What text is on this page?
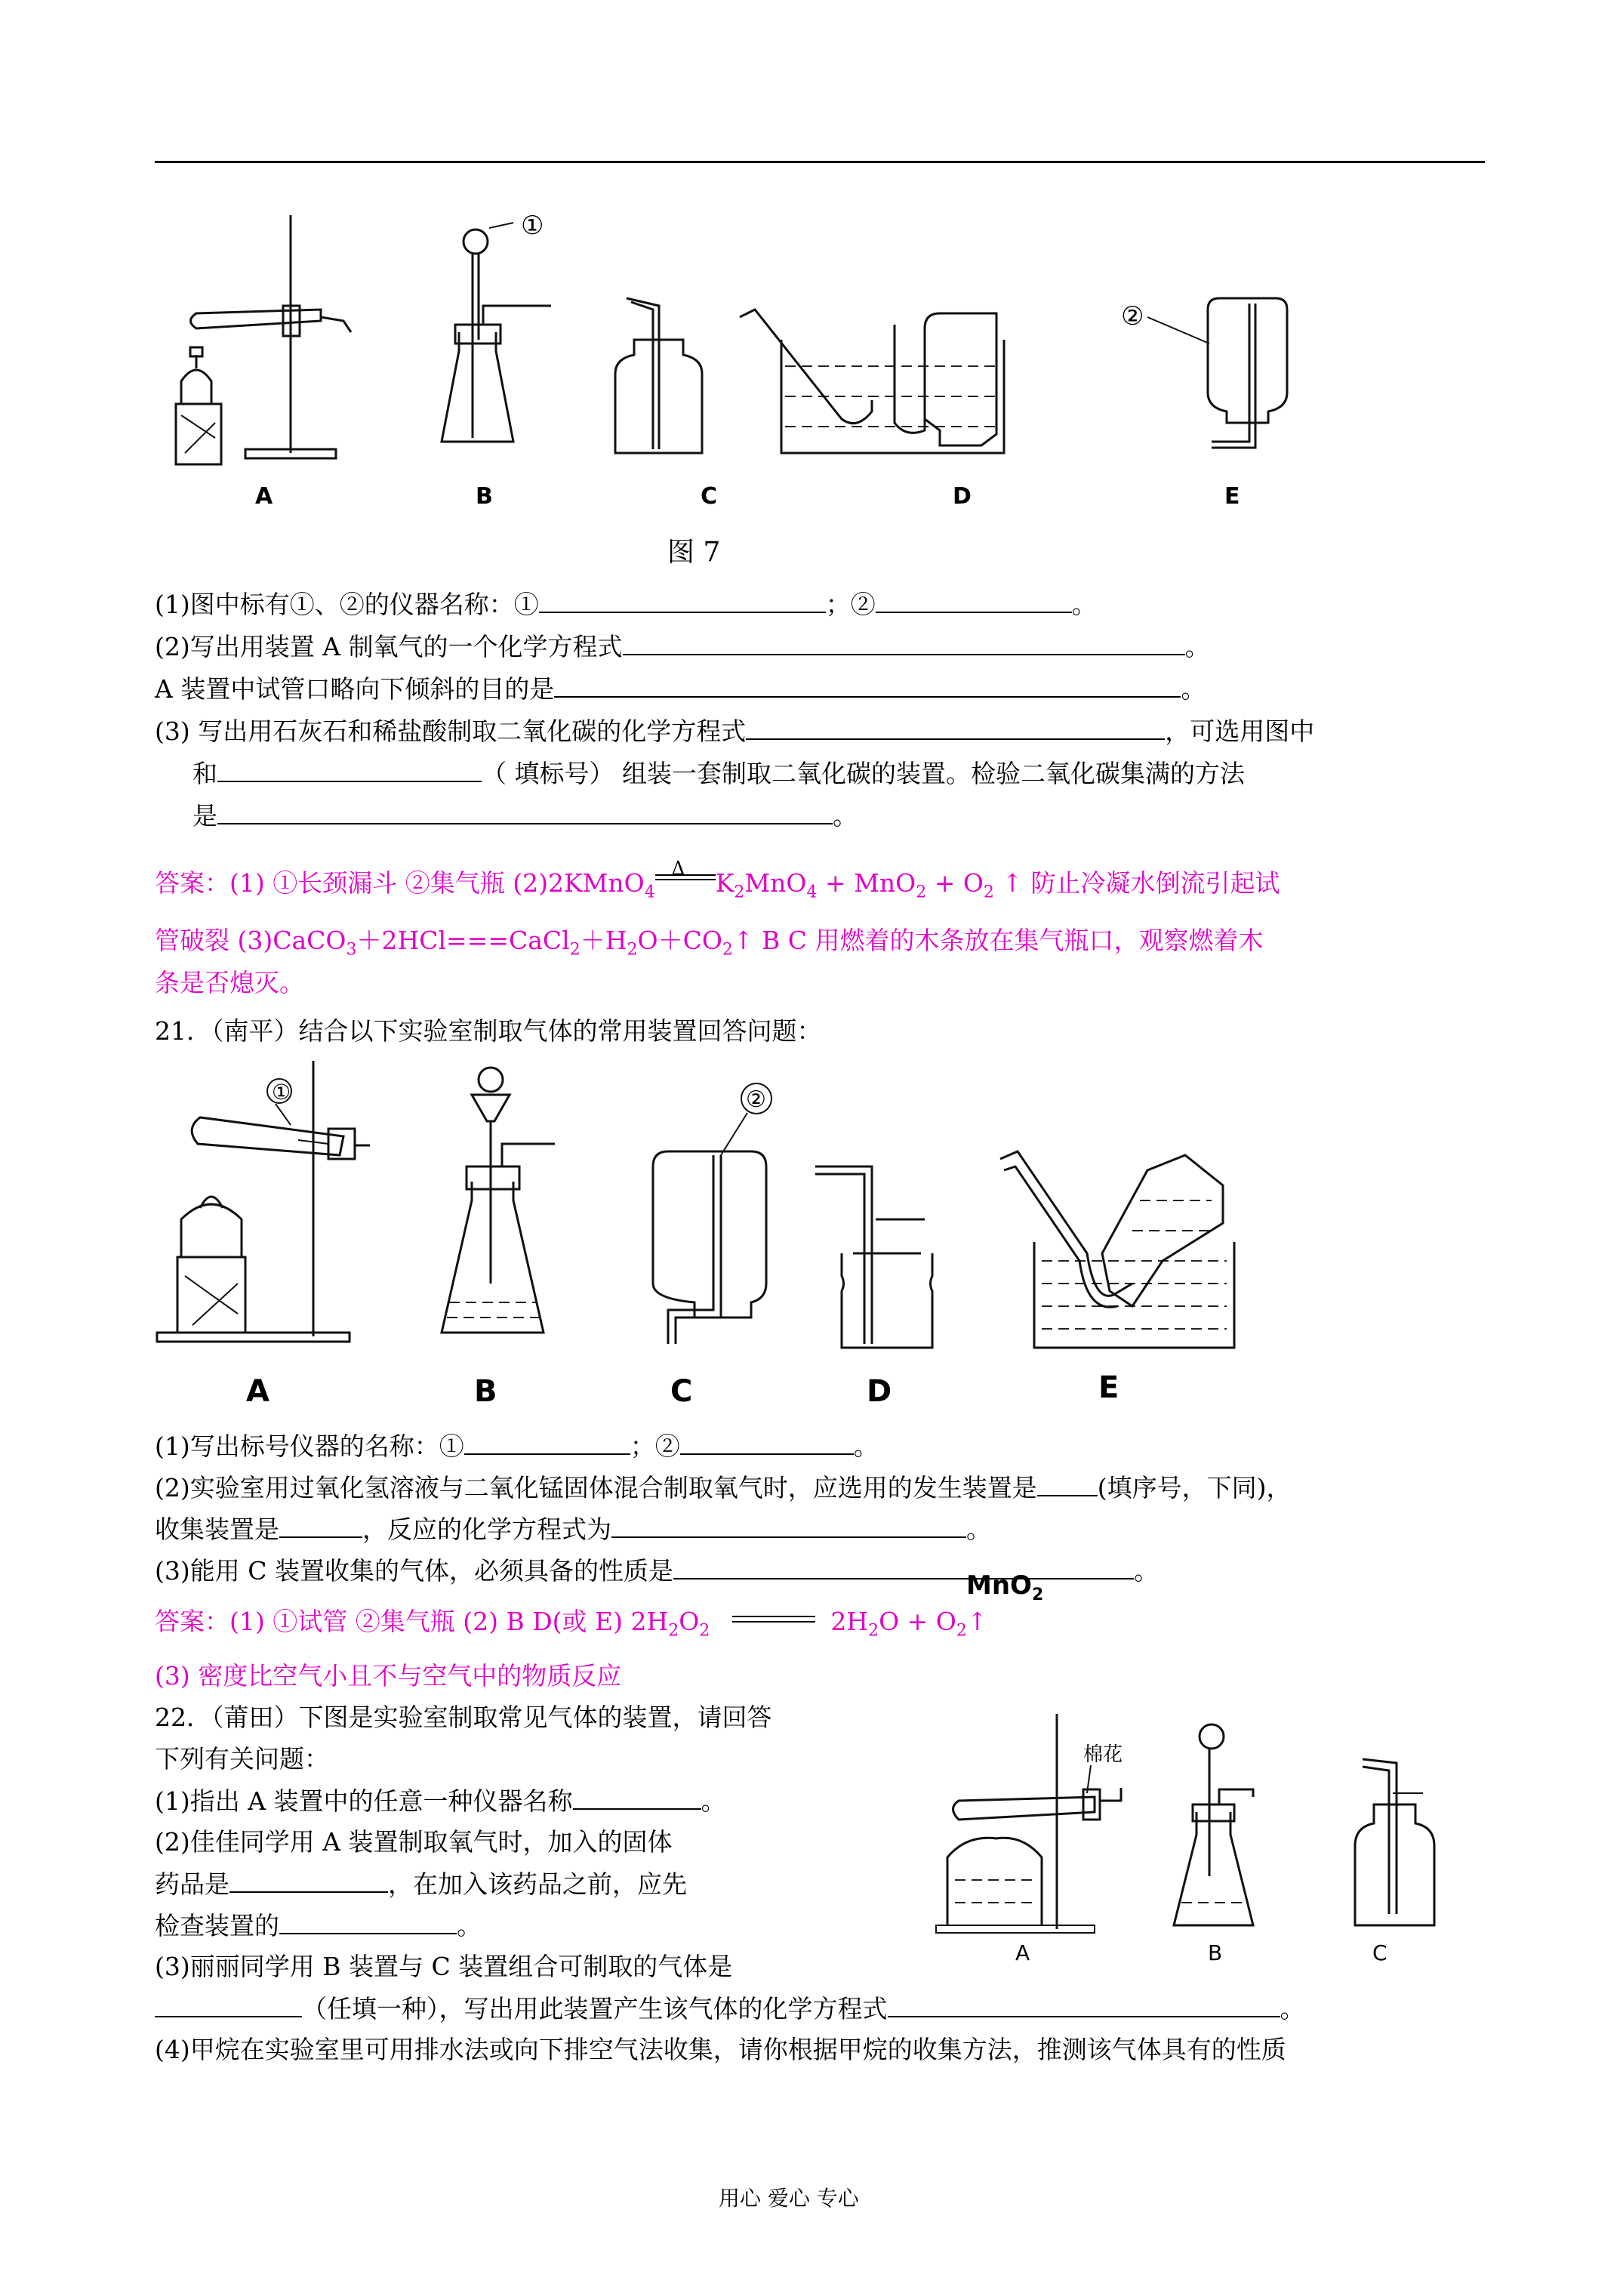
①
②
A	B	C	D	E
图 7
(1)图中标有①、②的仪器名称：①	；②	。
(2)写出用装置 A 制氧气的一个化学方程式	。
A 装置中试管口略向下倾斜的目的是	。
(3) 写出用石灰石和稀盐酸制取二氧化碳的化学方程式	，可选用图中
和	（ 填标号） 组装一套制取二氧化碳的装置。检验二氧化碳集满的方法
是	。
答案：(1) ①长颈漏斗 ②集气瓶 (2)2KMnO$_4$
Δ $K_2MnO_4 + MnO_2 + O_2$ ↑ 防止冷凝水倒流引起试
管破裂 $(3)CaCO_3+2HCl===CaCl_2+H_2O+CO_2↑$ B C 用燃着的木条放在集气瓶口，观察燃着木
条是否熄灭。
21．（南平）结合以下实验室制取气体的常用装置回答问题：
①	②
A	B	C	D	E
(1)写出标号仪器的名称：①	；②	。
(2)实验室用过氧化氢溶液与二氧化锰固体混合制取氧气时，应选用的发生装置是 (填序号，下同)，
收集装置是	，反应的化学方程式为	。
(3)能用 C 装置收集的气体，必须具备的性质是	。
MnO$_2$
答案：(1) ①试管 ②集气瓶 (2) B D(或 E) $2H_2O_2$	$2H_2O$ + $O_2↑$
(3) 密度比空气小且不与空气中的物质反应
22．（莆田）下图是实验室制取常见气体的装置，请回答
下列有关问题：
(1)指出 A 装置中的任意一种仪器名称	。
(2)佳佳同学用 A 装置制取氧气时，加入的固体
药品是	，在加入该药品之前，应先
检查装置的	。
(3)丽丽同学用 B 装置与 C 装置组合可制取的气体是
（任填一种），写出用此装置产生该气体的化学方程式	。
(4)甲烷在实验室里可用排水法或向下排空气法收集，请你根据甲烷的收集方法，推测该气体具有的性质
棉花
A	B	C
用心 爱心 专心
